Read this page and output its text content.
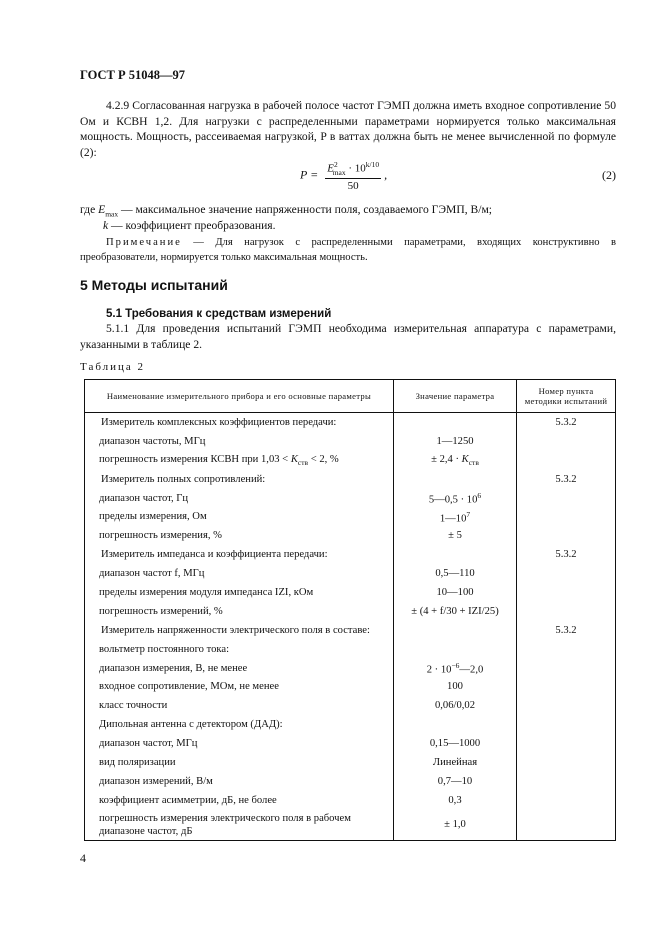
ГОСТ Р 51048—97
4.2.9 Согласованная нагрузка в рабочей полосе частот ГЭМП должна иметь входное сопротивление 50 Ом и КСВН 1,2. Для нагрузки с распределенными параметрами нормируется только максимальная мощность. Мощность, рассеиваемая нагрузкой, P в ваттах должна быть не менее вычисленной по формуле (2):
$P = \frac{E^2_{max} \cdot 10^{k/10}}{50}$ ,	(2)
где $E_{max}$ — максимальное значение напряженности поля, создаваемого ГЭМП, В/м;
k — коэффициент преобразования.
Примечание — Для нагрузок с распределенными параметрами, входящих конструктивно в преобразователи, нормируется только максимальная мощность.
5 Методы испытаний
5.1 Требования к средствам измерений
5.1.1 Для проведения испытаний ГЭМП необходима измерительная аппаратура с параметрами, указанными в таблице 2.
Таблица 2
Наименование измерительного прибора и его основные параметры	Значение параметра	Номер пункта методики испытаний
Измеритель комплексных коэффициентов передачи:		5.3.2
диапазон частоты, МГц	1—1250	
погрешность измерения КСВН при $1,03 < K_{ств} < 2$, %	± $2,4 \cdot K_{ств}$	
Измеритель полных сопротивлений:		5.3.2
диапазон частот, Гц	5—0,5 · $10^6$	
пределы измерения, Ом	$1—10^7$	
погрешность измерения, %	± 5	
Измеритель импеданса и коэффициента передачи:		5.3.2
диапазон частот f, МГц	0,5—110	
пределы измерения модуля импеданса IZI, кОм	10—100	
погрешность измерений, %	± (4 + f/30 + IZI/25)	
Измеритель напряженности электрического поля в составе:		5.3.2
вольтметр постоянного тока:		
диапазон измерения, В, не менее	$2 \cdot 10^{-6}—2,0$	
входное сопротивление, МОм, не менее	100	
класс точности	0,06/0,02	
Дипольная антенна с детектором (ДАД):		
диапазон частот, МГц	0,15—1000	
вид поляризации	Линейная	
диапазон измерений, В/м	0,7—10	
коэффициент асимметрии, дБ, не более	0,3	
погрешность измерения электрического поля в рабочем диапазоне частот, дБ	± 1,0	
4
